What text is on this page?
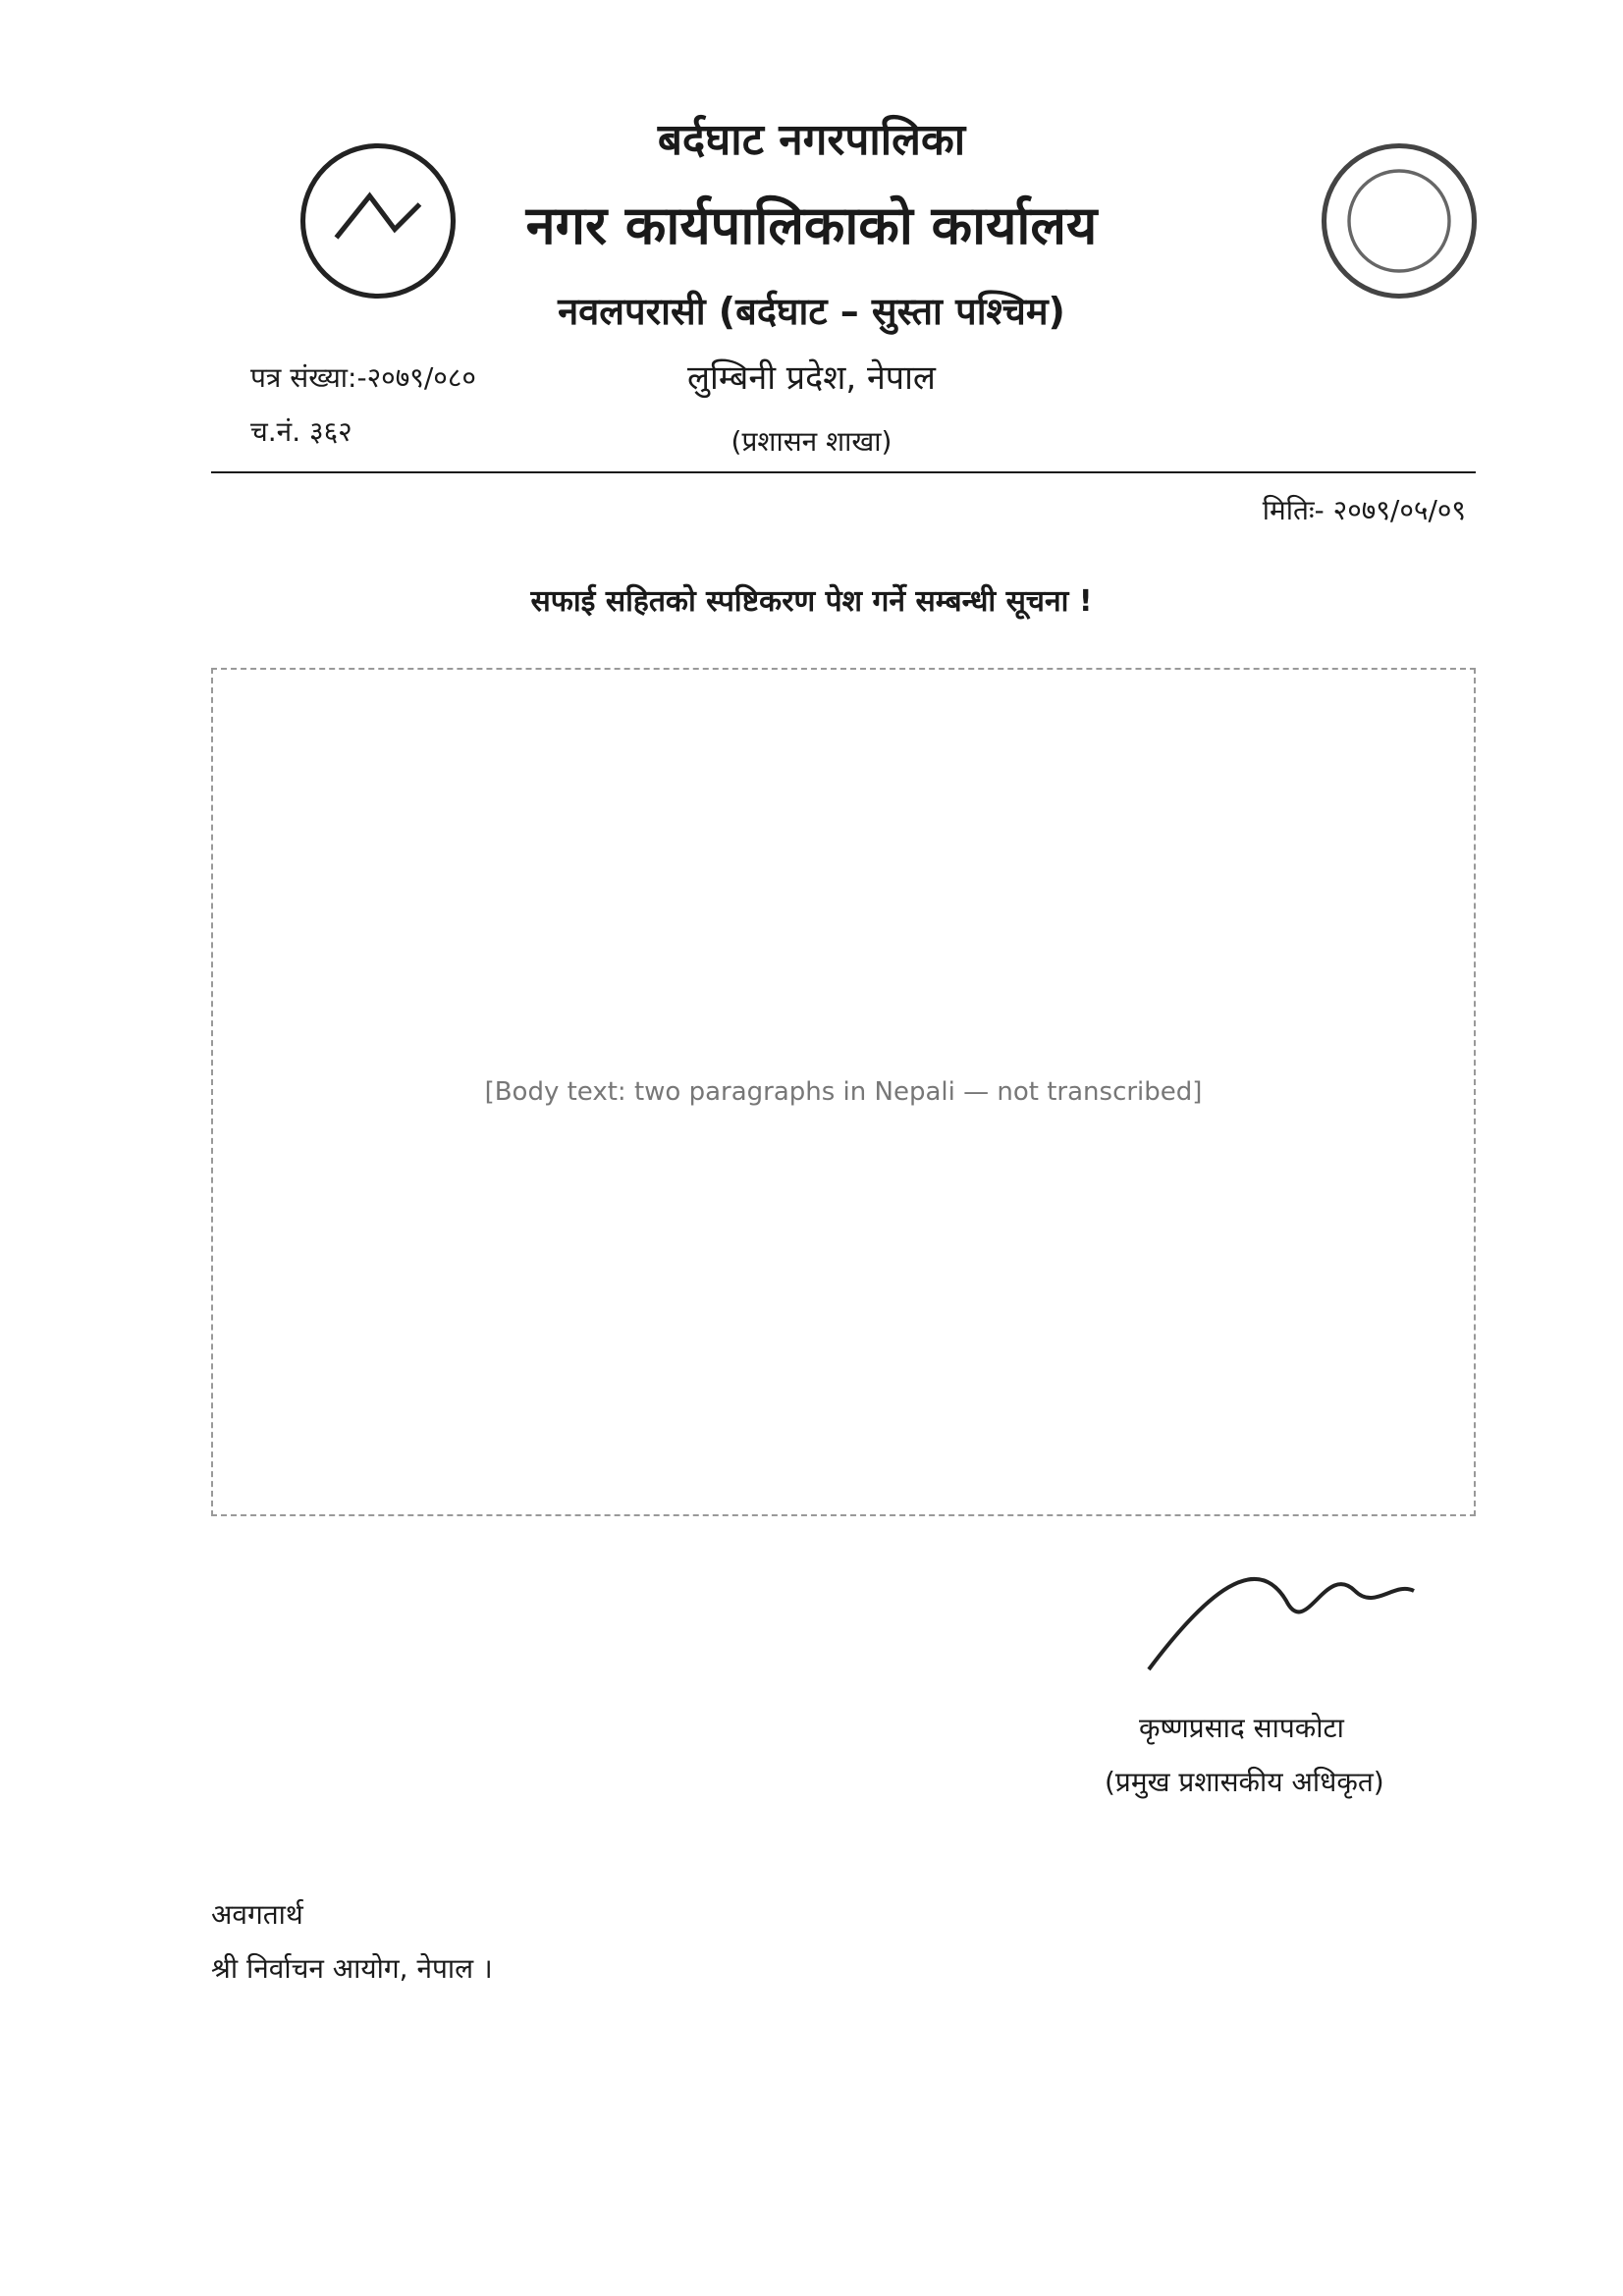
बर्दघाट नगरपालिका
नगर कार्यपालिकाको कार्यालय
नवलपरासी (बर्दघाट – सुस्ता पश्चिम)
लुम्बिनी प्रदेश, नेपाल
(प्रशासन शाखा)
पत्र संख्या:-२०७९/०८०
च.नं. ३६२
मितिः- २०७९/०५/०९
सफाई सहितको स्पष्टिकरण पेश गर्ने सम्बन्धी सूचना !
[Body text: two paragraphs in Nepali — not transcribed]
कृष्णप्रसाद सापकोटा
(प्रमुख प्रशासकीय अधिकृत)
अवगतार्थ
श्री निर्वाचन आयोग, नेपाल ।
